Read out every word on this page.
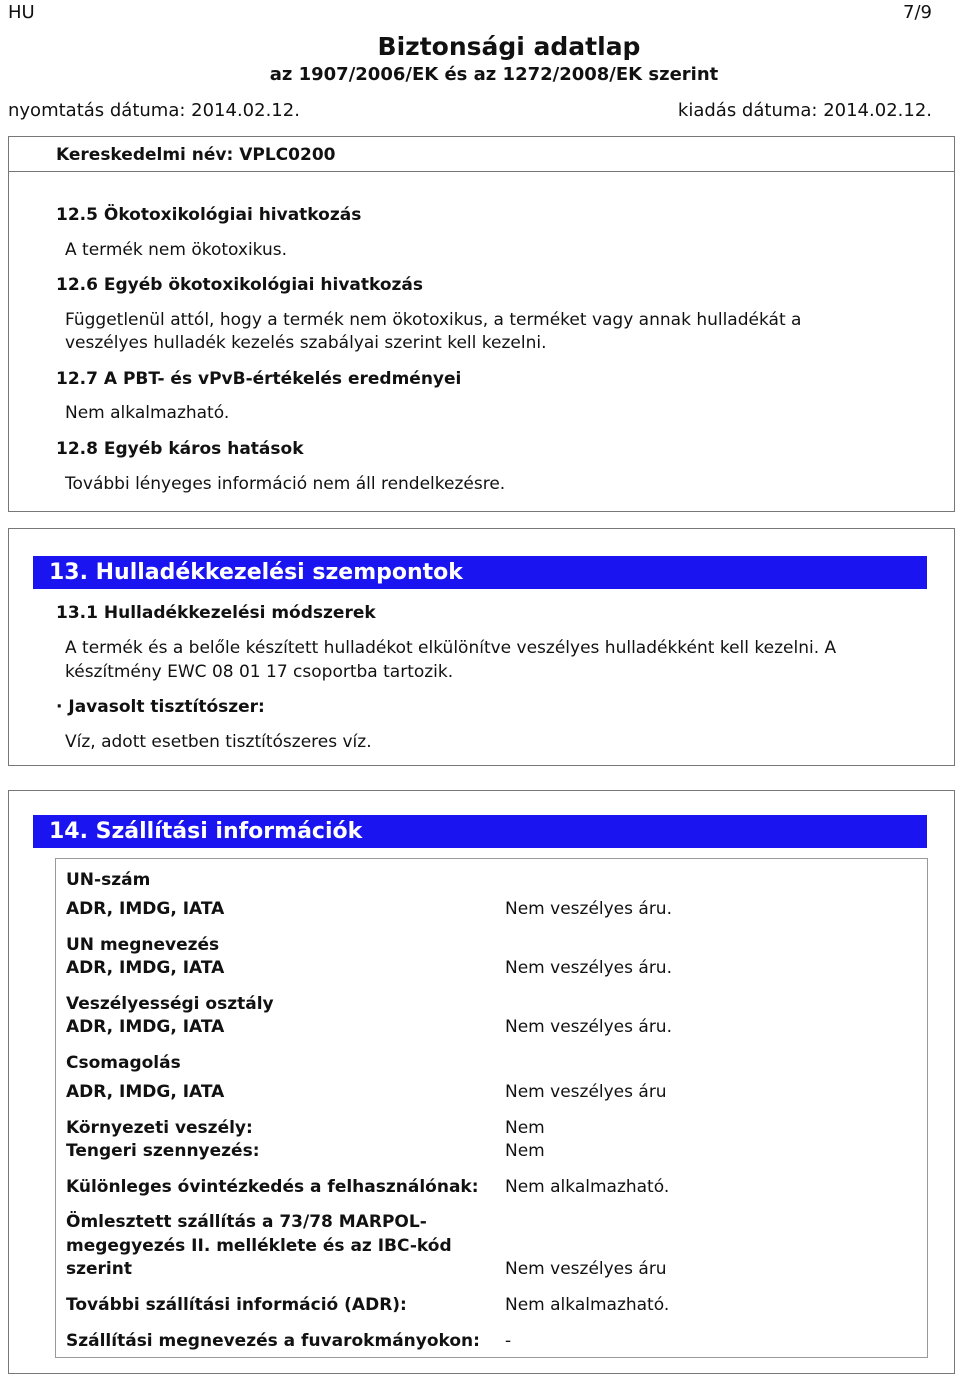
HU	7/9
Biztonsági adatlap
az 1907/2006/EK és az 1272/2008/EK szerint
nyomtatás dátuma: 2014.02.12.	kiadás dátuma: 2014.02.12.
Kereskedelmi név: VPLC0200
12.5 Ökotoxikológiai hivatkozás
A termék nem ökotoxikus.
12.6 Egyéb ökotoxikológiai hivatkozás
Függetlenül attól, hogy a termék nem ökotoxikus, a terméket vagy annak hulladékát a
veszélyes hulladék kezelés szabályai szerint kell kezelni.
12.7 A PBT- és vPvB-értékelés eredményei
Nem alkalmazható.
12.8 Egyéb káros hatások
További lényeges információ nem áll rendelkezésre.
13. Hulladékkezelési szempontok
13.1 Hulladékkezelési módszerek
A termék és a belőle készített hulladékot elkülönítve veszélyes hulladékként kell kezelni. A
készítmény EWC 08 01 17 csoportba tartozik.
· Javasolt tisztítószer:
Víz, adott esetben tisztítószeres víz.
14. Szállítási információk
UN-szám
ADR, IMDG, IATA	Nem veszélyes áru.
UN megnevezés
ADR, IMDG, IATA	Nem veszélyes áru.
Veszélyességi osztály
ADR, IMDG, IATA	Nem veszélyes áru.
Csomagolás
ADR, IMDG, IATA	Nem veszélyes áru
Környezeti veszély:	Nem
Tengeri szennyezés:	Nem
Különleges óvintézkedés a felhasználónak: Nem alkalmazható.
Ömlesztett szállítás a 73/78 MARPOL-
megegyezés II. melléklete és az IBC-kód
szerint	Nem veszélyes áru
További szállítási információ (ADR):	Nem alkalmazható.
Szállítási megnevezés a fuvarokmányokon: -
